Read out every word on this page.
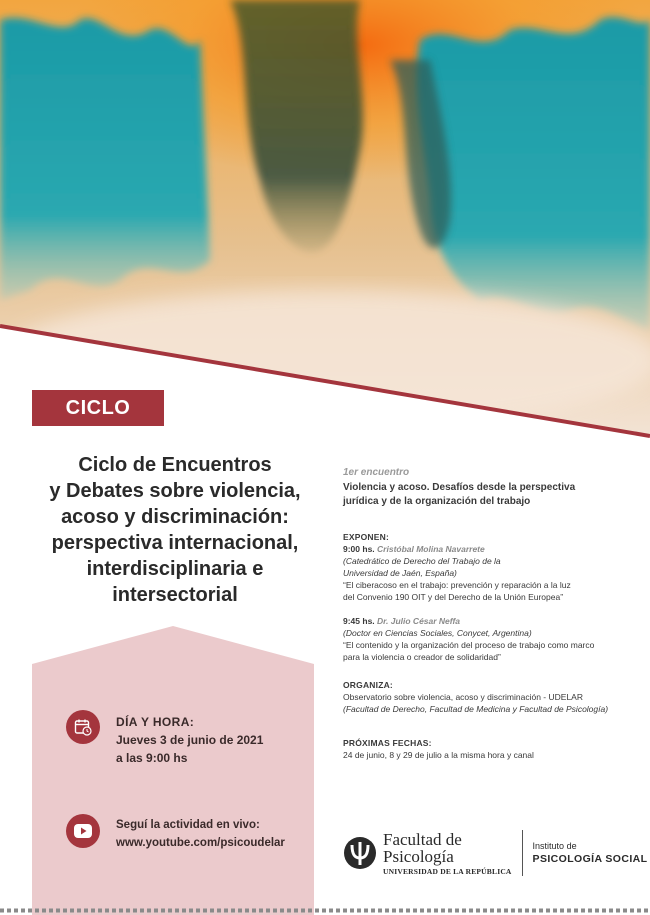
CICLO
Ciclo de Encuentros
y Debates sobre violencia,
acoso y discriminación:
perspectiva internacional,
interdisciplinaria e
intersectorial
DÍA Y HORA:
Jueves 3 de junio de 2021
a las 9:00 hs
Seguí la actividad en vivo:
www.youtube.com/psicoudelar
1er encuentro
Violencia y acoso. Desafíos desde la perspectiva
jurídica y de la organización del trabajo
EXPONEN:
9:00 hs. Cristóbal Molina Navarrete
(Catedrático de Derecho del Trabajo de la
Universidad de Jaén, España)
“El ciberacoso en el trabajo: prevención y reparación a la luz
del Convenio 190 OIT y del Derecho de la Unión Europea”
9:45 hs. Dr. Julio César Neffa
(Doctor en Ciencias Sociales, Conycet, Argentina)
“El contenido y la organización del proceso de trabajo como marco
para la violencia o creador de solidaridad”
ORGANIZA:
Observatorio sobre violencia, acoso y discriminación - UDELAR
(Facultad de Derecho, Facultad de Medicina y Facultad de Psicología)
PRÓXIMAS FECHAS:
24 de junio, 8 y 29 de julio a la misma hora y canal
Facultad de
Psicología
UNIVERSIDAD DE LA REPÚBLICA
Instituto de
PSICOLOGÍA SOCIAL
